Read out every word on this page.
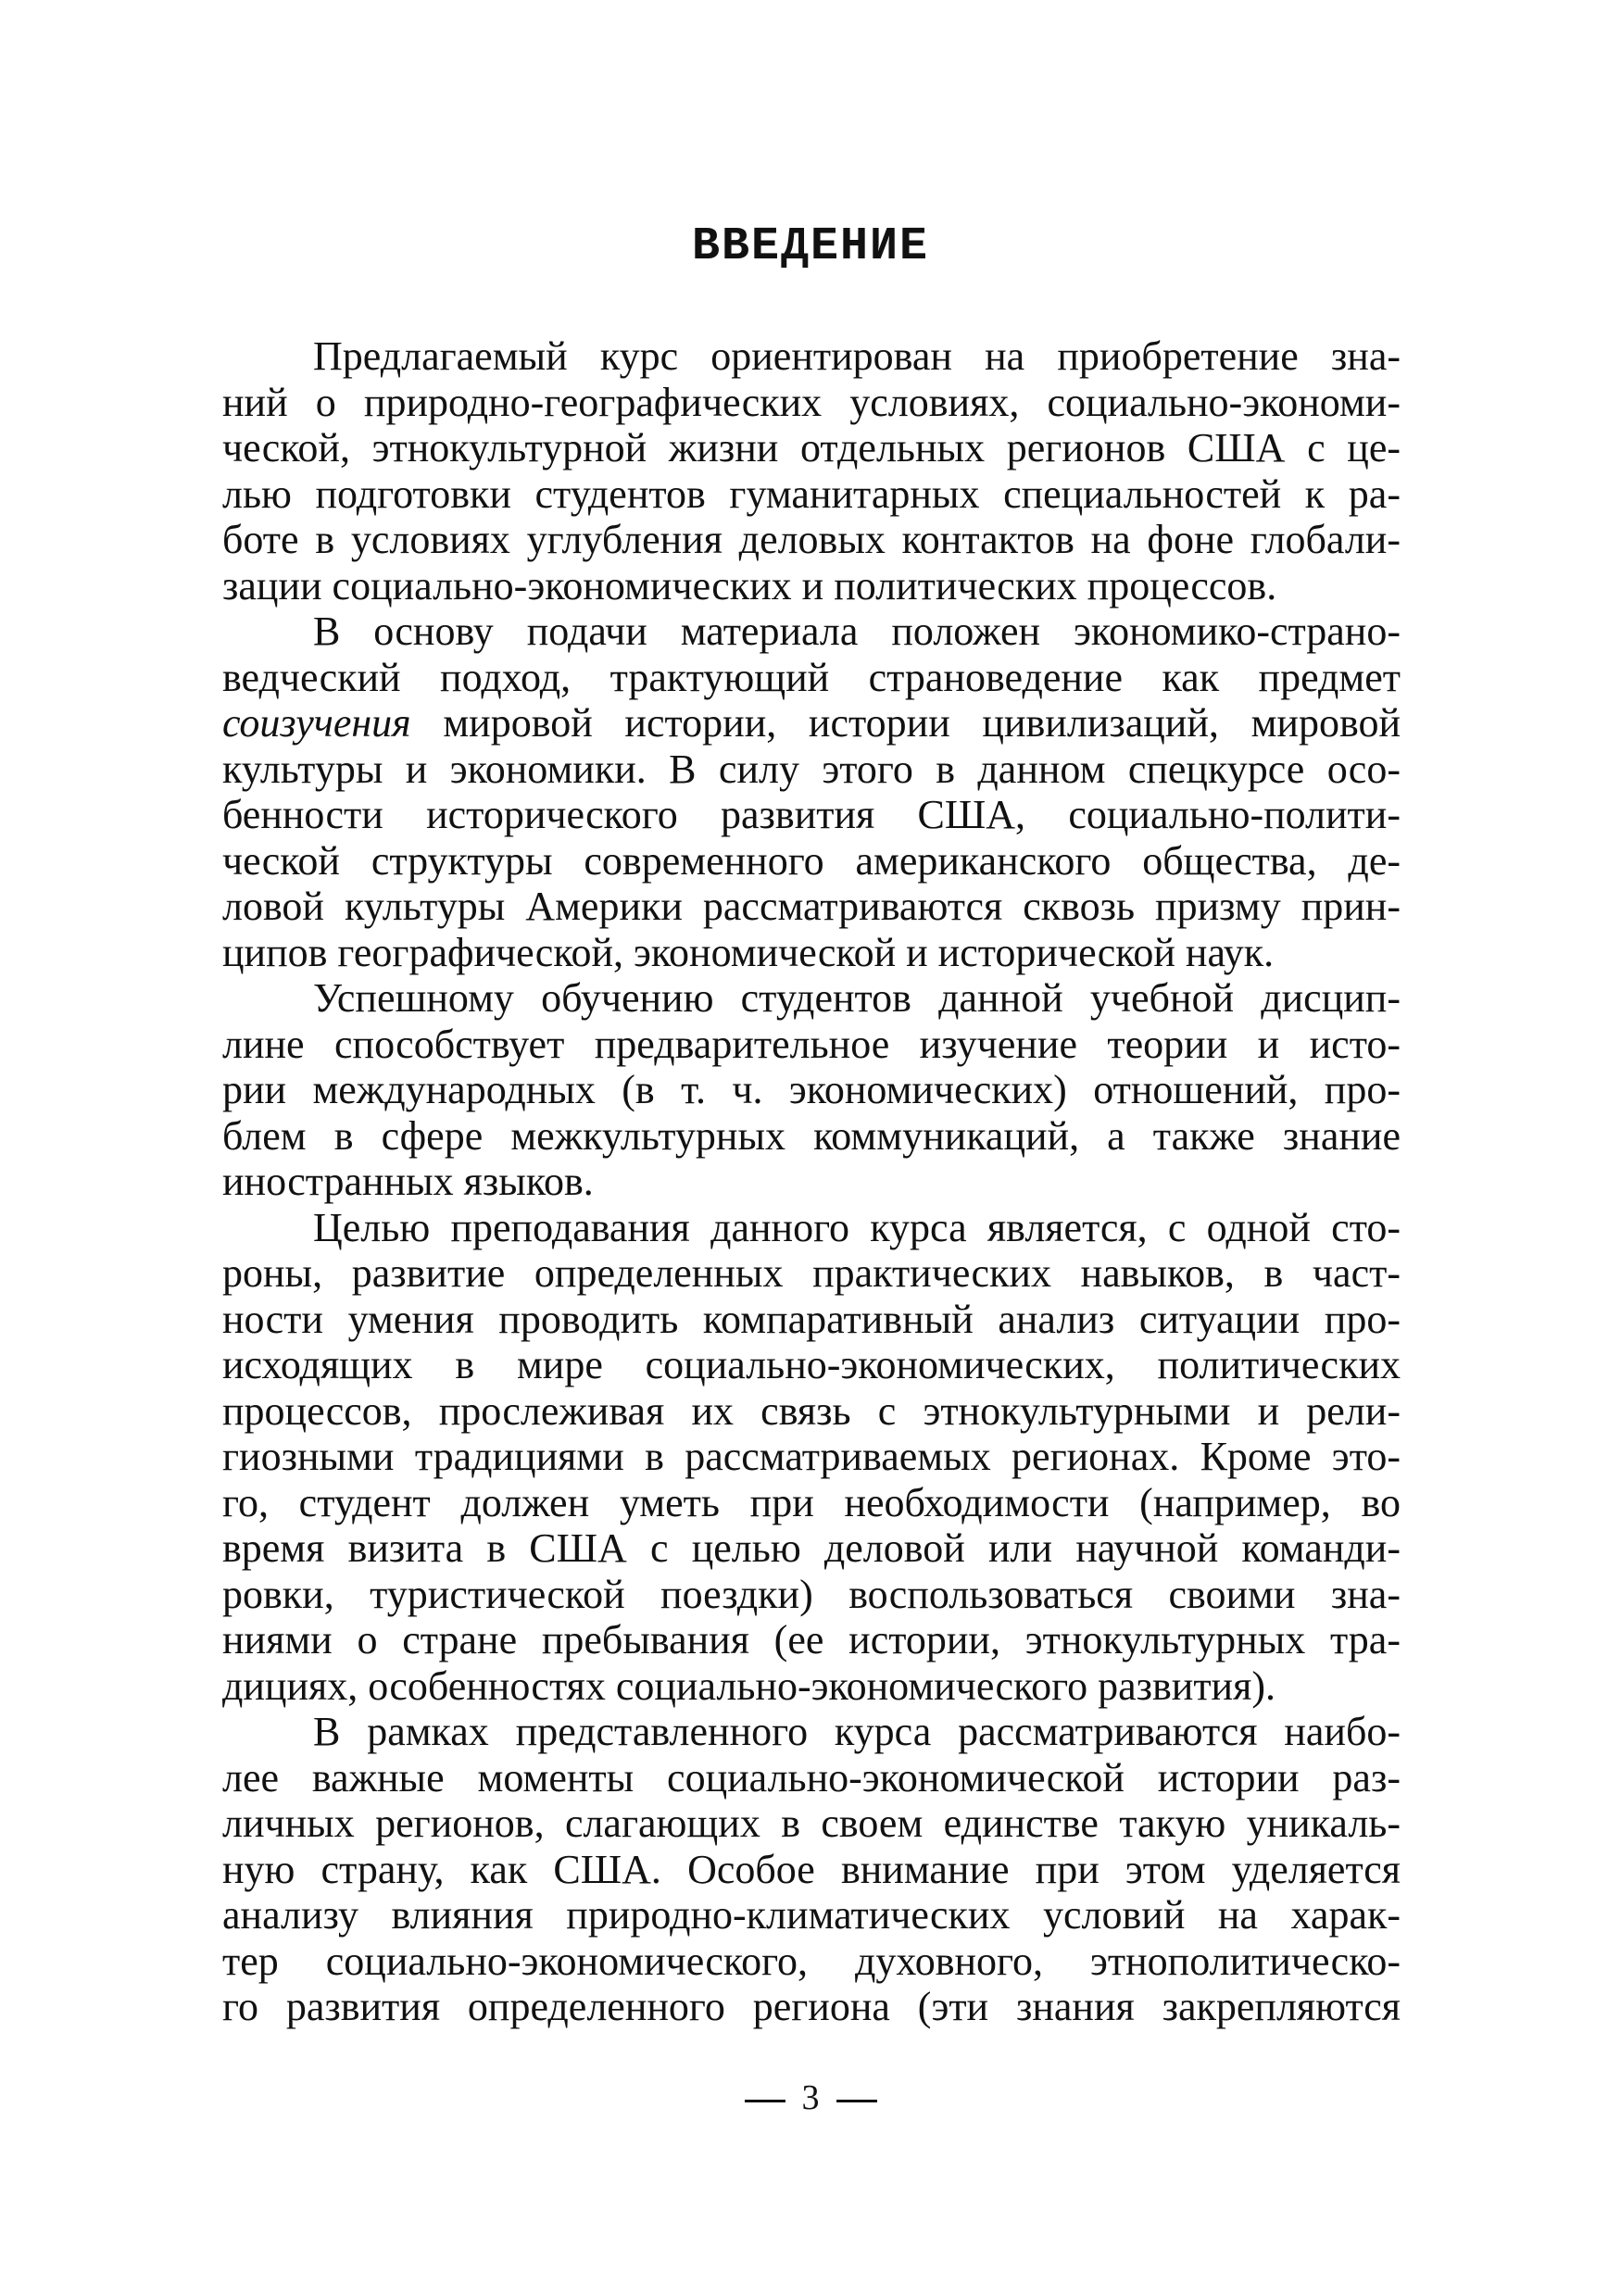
ВВЕДЕНИЕ

Предлагаемый курс ориентирован на приобретение зна-
ний о природно-географических условиях, социально-экономи-
ческой, этнокультурной жизни отдельных регионов США с це-
лью подготовки студентов гуманитарных специальностей к ра-
боте в условиях углубления деловых контактов на фоне глобали-
зации социально-экономических и политических процессов.

В основу подачи материала положен экономико-страно-
ведческий подход, трактующий страноведение как предмет
соизучения мировой истории, истории цивилизаций, мировой
культуры и экономики. В силу этого в данном спецкурсе осо-
бенности исторического развития США, социально-полити-
ческой структуры современного американского общества, де-
ловой культуры Америки рассматриваются сквозь призму прин-
ципов географической, экономической и исторической наук.

Успешному обучению студентов данной учебной дисцип-
лине способствует предварительное изучение теории и исто-
рии международных (в т. ч. экономических) отношений, про-
блем в сфере межкультурных коммуникаций, а также знание
иностранных языков.

Целью преподавания данного курса является, с одной сто-
роны, развитие определенных практических навыков, в част-
ности умения проводить компаративный анализ ситуации про-
исходящих в мире социально-экономических, политических
процессов, прослеживая их связь с этнокультурными и рели-
гиозными традициями в рассматриваемых регионах. Кроме это-
го, студент должен уметь при необходимости (например, во
время визита в США с целью деловой или научной команди-
ровки, туристической поездки) воспользоваться своими зна-
ниями о стране пребывания (ее истории, этнокультурных тра-
дициях, особенностях социально-экономического развития).

В рамках представленного курса рассматриваются наибо-
лее важные моменты социально-экономической истории раз-
личных регионов, слагающих в своем единстве такую уникаль-
ную страну, как США. Особое внимание при этом уделяется
анализу влияния природно-климатических условий на харак-
тер социально-экономического, духовного, этнополитическо-
го развития определенного региона (эти знания закрепляются

3
